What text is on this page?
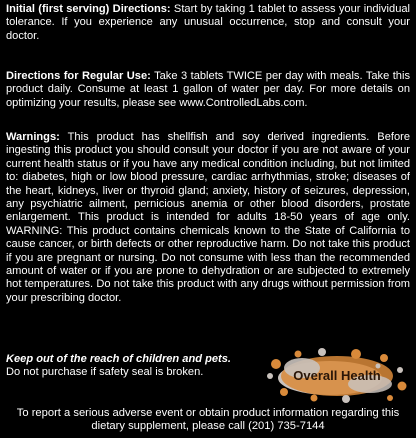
Initial (first serving) Directions: Start by taking 1 tablet to assess your individual tolerance. If you experience any unusual occurrence, stop and consult your doctor.

Directions for Regular Use: Take 3 tablets TWICE per day with meals. Take this product daily. Consume at least 1 gallon of water per day. For more details on optimizing your results, please see www.ControlledLabs.com.

Warnings: This product has shellfish and soy derived ingredients. Before ingesting this product you should consult your doctor if you are not aware of your current health status or if you have any medical condition including, but not limited to: diabetes, high or low blood pressure, cardiac arrhythmias, stroke; diseases of the heart, kidneys, liver or thyroid gland; anxiety, history of seizures, depression, any psychiatric ailment, pernicious anemia or other blood disorders, prostate enlargement. This product is intended for adults 18-50 years of age only. WARNING: This product contains chemicals known to the State of California to cause cancer, or birth defects or other reproductive harm. Do not take this product if you are pregnant or nursing. Do not consume with less than the recommended amount of water or if you are prone to dehydration or are subjected to extremely hot temperatures. Do not take this product with any drugs without permission from your prescribing doctor.

Keep out of the reach of children and pets.
Do not purchase if safety seal is broken.	Overall Health

To report a serious adverse event or obtain product information regarding this
dietary supplement, please call (201) 735-7144
